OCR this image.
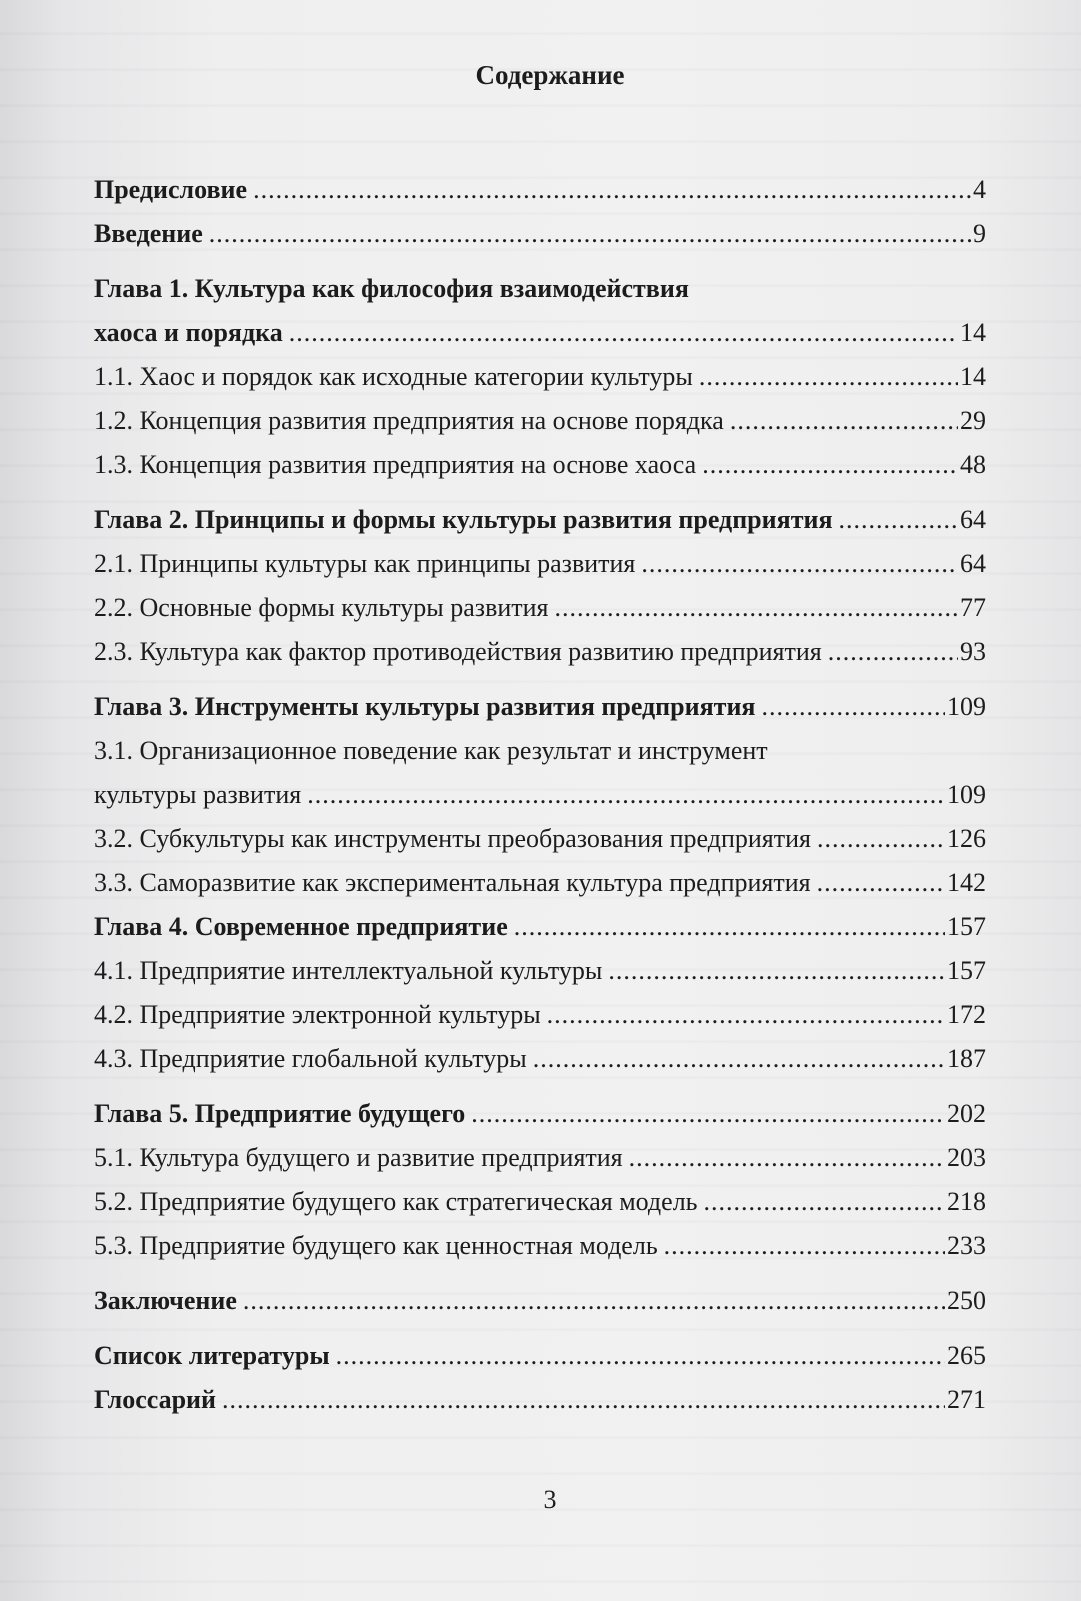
Содержание
Предисловие .....	4
Введение .....	9
Глава 1. Культура как философия взаимодействия
хаоса и порядка .....	14
1.1. Хаос и порядок как исходные категории культуры .....	14
1.2. Концепция развития предприятия на основе порядка .....	29
1.3. Концепция развития предприятия на основе хаоса .....	48
Глава 2. Принципы и формы культуры развития предприятия .....	64
2.1. Принципы культуры как принципы развития .....	64
2.2. Основные формы культуры развития .....	77
2.3. Культура как фактор противодействия развитию предприятия .....	93
Глава 3. Инструменты культуры развития предприятия .....	109
3.1. Организационное поведение как результат и инструмент
культуры развития .....	109
3.2. Субкультуры как инструменты преобразования предприятия .....	126
3.3. Саморазвитие как экспериментальная культура предприятия .....	142
Глава 4. Современное предприятие .....	157
4.1. Предприятие интеллектуальной культуры .....	157
4.2. Предприятие электронной культуры .....	172
4.3. Предприятие глобальной культуры .....	187
Глава 5. Предприятие будущего .....	202
5.1. Культура будущего и развитие предприятия .....	203
5.2. Предприятие будущего как стратегическая модель .....	218
5.3. Предприятие будущего как ценностная модель .....	233
Заключение .....	250
Список литературы .....	265
Глоссарий .....	271
3
